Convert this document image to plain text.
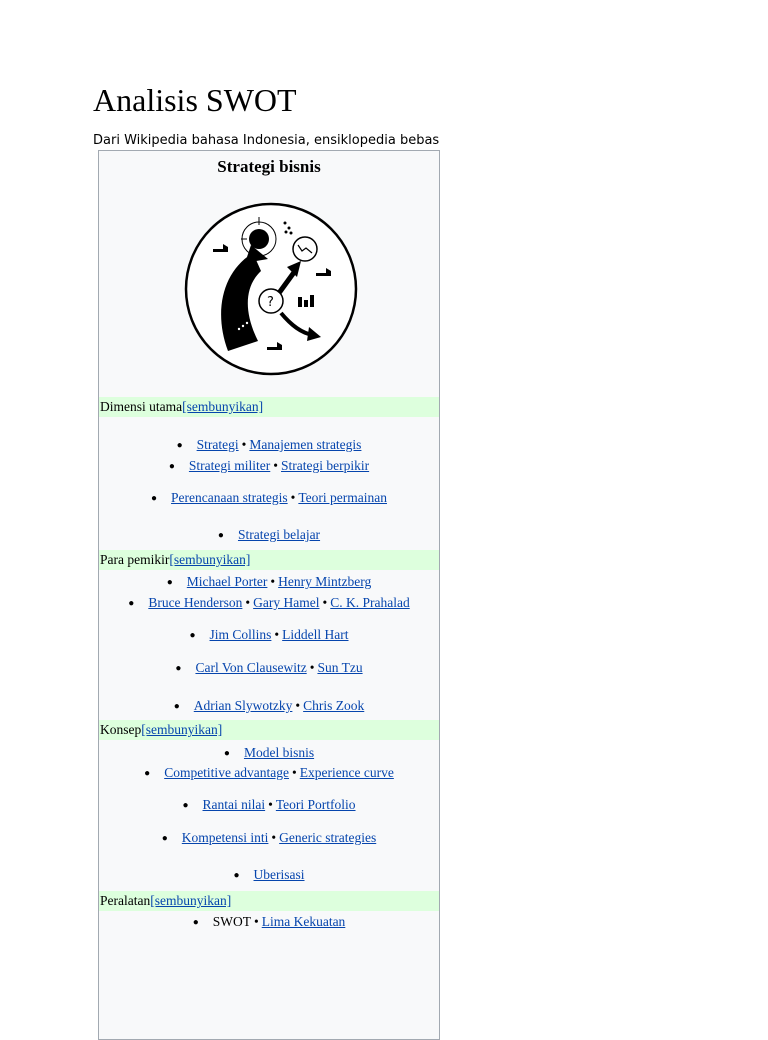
Analisis SWOT
Dari Wikipedia bahasa Indonesia, ensiklopedia bebas
Strategi bisnis
?
Dimensi utama[sembunyikan]
● Strategi • Manajemen strategis
● Strategi militer • Strategi berpikir
● Perencanaan strategis • Teori permainan
● Strategi belajar
Para pemikir[sembunyikan]
● Michael Porter • Henry Mintzberg
● Bruce Henderson • Gary Hamel • C. K. Prahalad
● Jim Collins • Liddell Hart
● Carl Von Clausewitz • Sun Tzu
● Adrian Slywotzky • Chris Zook
Konsep[sembunyikan]
● Model bisnis
● Competitive advantage • Experience curve
● Rantai nilai • Teori Portfolio
● Kompetensi inti • Generic strategies
● Uberisasi
Peralatan[sembunyikan]
● SWOT • Lima Kekuatan
